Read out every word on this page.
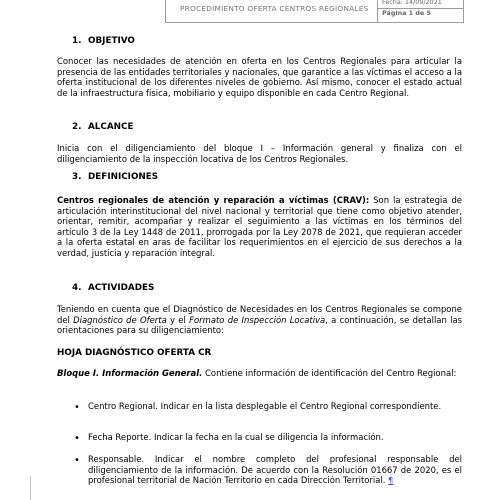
PROCEDIMIENTO OFERTA CENTROS REGIONALES
Fecha: 14/09/2021
Página 1 de 5
1. OBJETIVO
Conocer las necesidades de atención en oferta en los Centros Regionales para articular la presencia de las entidades territoriales y nacionales, que garantice a las víctimas el acceso a la oferta institucional de los diferentes niveles de gobierno. Así mismo, conocer el estado actual de la infraestructura física, mobiliario y equipo disponible en cada Centro Regional.
2. ALCANCE
Inicia con el diligenciamiento del bloque I – Información general y finaliza con el diligenciamiento de la inspección locativa de los Centros Regionales.
3. DEFINICIONES
Centros regionales de atención y reparación a víctimas (CRAV): Son la estrategia de articulación interinstitucional del nivel nacional y territorial que tiene como objetivo atender, orientar, remitir, acompañar y realizar el seguimiento a las víctimas en los términos del artículo 3 de la Ley 1448 de 2011, prorrogada por la Ley 2078 de 2021, que requieran acceder a la oferta estatal en aras de facilitar los requerimientos en el ejercicio de sus derechos a la verdad, justicia y reparación integral.
4. ACTIVIDADES
Teniendo en cuenta que el Diagnóstico de Necesidades en los Centros Regionales se compone del Diagnóstico de Oferta y el Formato de Inspección Locativa, a continuación, se detallan las orientaciones para su diligenciamiento:
HOJA DIAGNÓSTICO OFERTA CR
Bloque I. Información General. Contiene información de identificación del Centro Regional:
• Centro Regional. Indicar en la lista desplegable el Centro Regional correspondiente.
• Fecha Reporte. Indicar la fecha en la cual se diligencia la información.
• Responsable. Indicar el nombre completo del profesional responsable del diligenciamiento de la información. De acuerdo con la Resolución 01667 de 2020, es el profesional territorial de Nación Territorio en cada Dirección Territorial. ¶
